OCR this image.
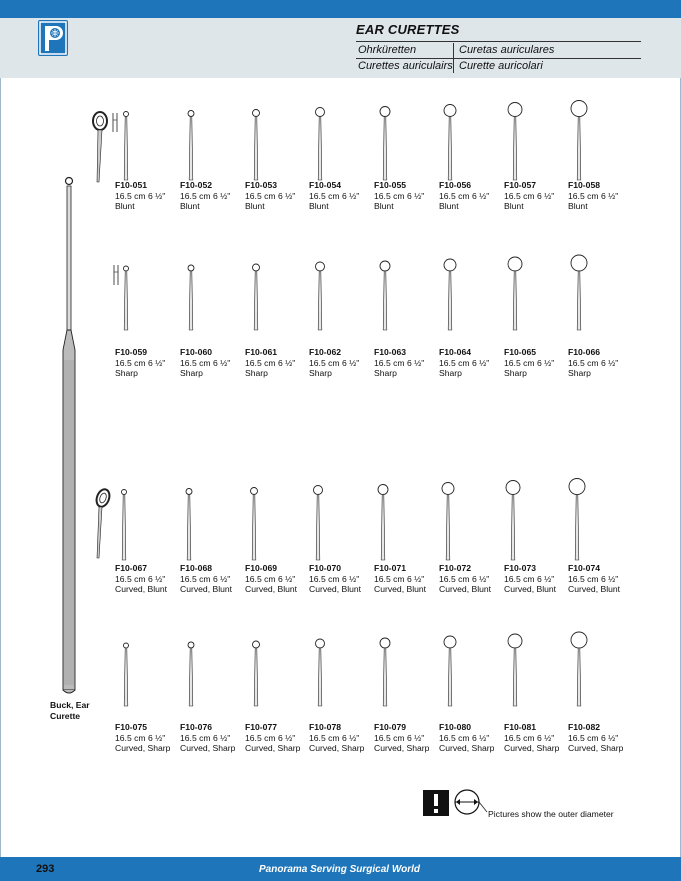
EAR CURETTES
Ohrküretten	Curetas auriculares
Curettes auriculairs Curette auricolari
F10-051
16.5 cm 6 ½"
Blunt
F10-052
16.5 cm 6 ½"
Blunt
F10-053
16.5 cm 6 ½"
Blunt
F10-054
16.5 cm 6 ½"
Blunt
F10-055
16.5 cm 6 ½"
Blunt
F10-056
16.5 cm 6 ½"
Blunt
F10-057
16.5 cm 6 ½"
Blunt
F10-058
16.5 cm 6 ½"
Blunt
F10-059
16.5 cm 6 ½"
Sharp
F10-060
16.5 cm 6 ½"
Sharp
F10-061
16.5 cm 6 ½"
Sharp
F10-062
16.5 cm 6 ½"
Sharp
F10-063
16.5 cm 6 ½"
Sharp
F10-064
16.5 cm 6 ½"
Sharp
F10-065
16.5 cm 6 ½"
Sharp
F10-066
16.5 cm 6 ½"
Sharp
F10-067
16.5 cm 6 ½"
Curved, Blunt
F10-068
16.5 cm 6 ½"
Curved, Blunt
F10-069
16.5 cm 6 ½"
Curved, Blunt
F10-070
16.5 cm 6 ½"
Curved, Blunt
F10-071
16.5 cm 6 ½"
Curved, Blunt
F10-072
16.5 cm 6 ½"
Curved, Blunt
F10-073
16.5 cm 6 ½"
Curved, Blunt
F10-074
16.5 cm 6 ½"
Curved, Blunt
F10-075
16.5 cm 6 ½"
Curved, Sharp
F10-076
16.5 cm 6 ½"
Curved, Sharp
F10-077
16.5 cm 6 ½"
Curved, Sharp
F10-078
16.5 cm 6 ½"
Curved, Sharp
F10-079
16.5 cm 6 ½"
Curved, Sharp
F10-080
16.5 cm 6 ½"
Curved, Sharp
F10-081
16.5 cm 6 ½"
Curved, Sharp
F10-082
16.5 cm 6 ½"
Curved, Sharp
Buck, Ear
Curette
Pictures show the outer diameter
293	Panorama Serving Surgical World
